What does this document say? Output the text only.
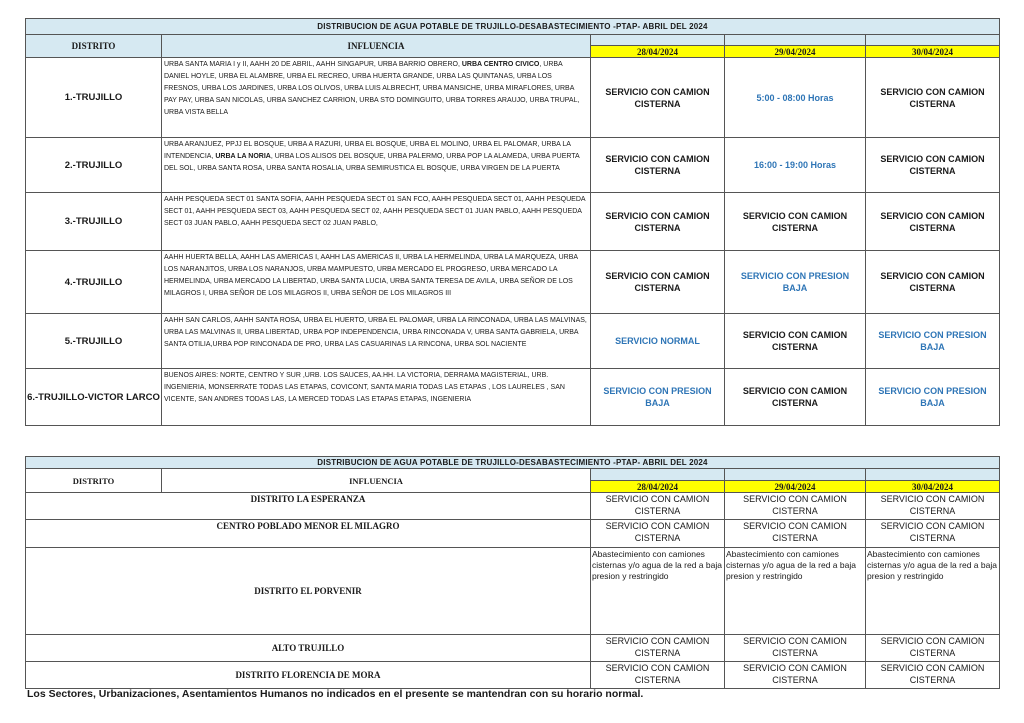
DISTRIBUCION DE AGUA POTABLE DE TRUJILLO-DESABASTECIMIENTO -PTAP- ABRIL DEL 2024				
DISTRITO	INFLUENCIA			
		28/04/2024	29/04/2024	30/04/2024
1.-TRUJILLO	URBA SANTA MARIA I y II, AAHH 20 DE ABRIL, AAHH SINGAPUR, URBA BARRIO OBRERO, URBA CENTRO CIVICO, URBA DANIEL HOYLE, URBA EL ALAMBRE, URBA EL RECREO, URBA HUERTA GRANDE, URBA LAS QUINTANAS, URBA LOS FRESNOS, URBA LOS JARDINES, URBA LOS OLIVOS, URBA LUIS ALBRECHT, URBA MANSICHE, URBA MIRAFLORES, URBA PAY PAY, URBA SAN NICOLAS, URBA SANCHEZ CARRION, URBA STO DOMINGUITO, URBA TORRES ARAUJO, URBA TRUPAL, URBA VISTA BELLA	SERVICIO CON CAMION CISTERNA	5:00 - 08:00 Horas	SERVICIO CON CAMION CISTERNA
2.-TRUJILLO	URBA ARANJUEZ, PPJJ EL BOSQUE, URBA A RAZURI, URBA EL BOSQUE, URBA EL MOLINO, URBA EL PALOMAR, URBA LA INTENDENCIA, URBA LA NORIA, URBA LOS ALISOS DEL BOSQUE, URBA PALERMO, URBA POP LA ALAMEDA, URBA PUERTA DEL SOL, URBA SANTA ROSA, URBA SANTA ROSALIA, URBA SEMIRUSTICA EL BOSQUE, URBA VIRGEN DE LA PUERTA	SERVICIO CON CAMION CISTERNA	16:00 - 19:00 Horas	SERVICIO CON CAMION CISTERNA
3.-TRUJILLO	AAHH PESQUEDA SECT 01 SANTA SOFIA, AAHH PESQUEDA SECT 01 SAN FCO, AAHH PESQUEDA SECT 01, AAHH PESQUEDA SECT 01, AAHH PESQUEDA SECT 03, AAHH PESQUEDA SECT 02, AAHH PESQUEDA SECT 01 JUAN PABLO, AAHH PESQUEDA SECT 03 JUAN PABLO, AAHH PESQUEDA SECT 02 JUAN PABLO,	SERVICIO CON CAMION CISTERNA	SERVICIO CON CAMION CISTERNA	SERVICIO CON CAMION CISTERNA
4.-TRUJILLO	AAHH HUERTA BELLA, AAHH LAS AMERICAS I, AAHH LAS AMERICAS II, URBA LA HERMELINDA, URBA LA MARQUEZA, URBA LOS NARANJITOS, URBA LOS NARANJOS, URBA MAMPUESTO, URBA MERCADO EL PROGRESO, URBA MERCADO LA HERMELINDA, URBA MERCADO LA LIBERTAD, URBA SANTA LUCIA, URBA SANTA TERESA DE AVILA, URBA SEÑOR DE LOS MILAGROS I, URBA SEÑOR DE LOS MILAGROS II, URBA SEÑOR DE LOS MILAGROS III	SERVICIO CON CAMION CISTERNA	SERVICIO CON PRESION BAJA	SERVICIO CON CAMION CISTERNA
5.-TRUJILLO	AAHH SAN CARLOS, AAHH SANTA ROSA, URBA EL HUERTO, URBA EL PALOMAR, URBA LA RINCONADA, URBA LAS MALVINAS, URBA LAS MALVINAS II, URBA LIBERTAD, URBA POP INDEPENDENCIA, URBA RINCONADA V, URBA SANTA GABRIELA, URBA SANTA OTILIA,URBA POP RINCONADA DE PRO, URBA LAS CASUARINAS LA RINCONA, URBA SOL NACIENTE	SERVICIO NORMAL	SERVICIO CON CAMION CISTERNA	SERVICIO CON PRESION BAJA
6.-TRUJILLO-VICTOR LARCO	BUENOS AIRES: NORTE, CENTRO Y SUR ,URB. LOS SAUCES, AA.HH. LA VICTORIA, DERRAMA MAGISTERIAL, URB. INGENIERIA, MONSERRATE TODAS LAS ETAPAS, COVICONT, SANTA MARIA TODAS LAS ETAPAS , LOS LAURELES , SAN VICENTE, SAN ANDRES TODAS LAS, LA MERCED TODAS LAS ETAPAS ETAPAS, INGENIERIA	SERVICIO CON PRESION BAJA	SERVICIO CON CAMION CISTERNA	SERVICIO CON PRESION BAJA
DISTRIBUCION DE AGUA POTABLE DE TRUJILLO-DESABASTECIMIENTO -PTAP- ABRIL DEL 2024				
DISTRITO	INFLUENCIA			
		28/04/2024	29/04/2024	30/04/2024
DISTRITO LA ESPERANZA		SERVICIO CON CAMION CISTERNA	SERVICIO CON CAMION CISTERNA	SERVICIO CON CAMION CISTERNA
CENTRO POBLADO MENOR EL MILAGRO		SERVICIO CON CAMION CISTERNA	SERVICIO CON CAMION CISTERNA	SERVICIO CON CAMION CISTERNA
DISTRITO EL PORVENIR		Abastecimiento con camiones cisternas y/o agua de la red a baja presion y restringido	Abastecimiento con camiones cisternas y/o agua de la red a baja presion y restringido	Abastecimiento con camiones cisternas y/o agua de la red a baja presion y restringido
ALTO TRUJILLO		SERVICIO CON CAMION CISTERNA	SERVICIO CON CAMION CISTERNA	SERVICIO CON CAMION CISTERNA
DISTRITO FLORENCIA DE MORA		SERVICIO CON CAMION CISTERNA	SERVICIO CON CAMION CISTERNA	SERVICIO CON CAMION CISTERNA
Los Sectores, Urbanizaciones, Asentamientos Humanos no indicados en el presente se mantendran con su horario normal.
